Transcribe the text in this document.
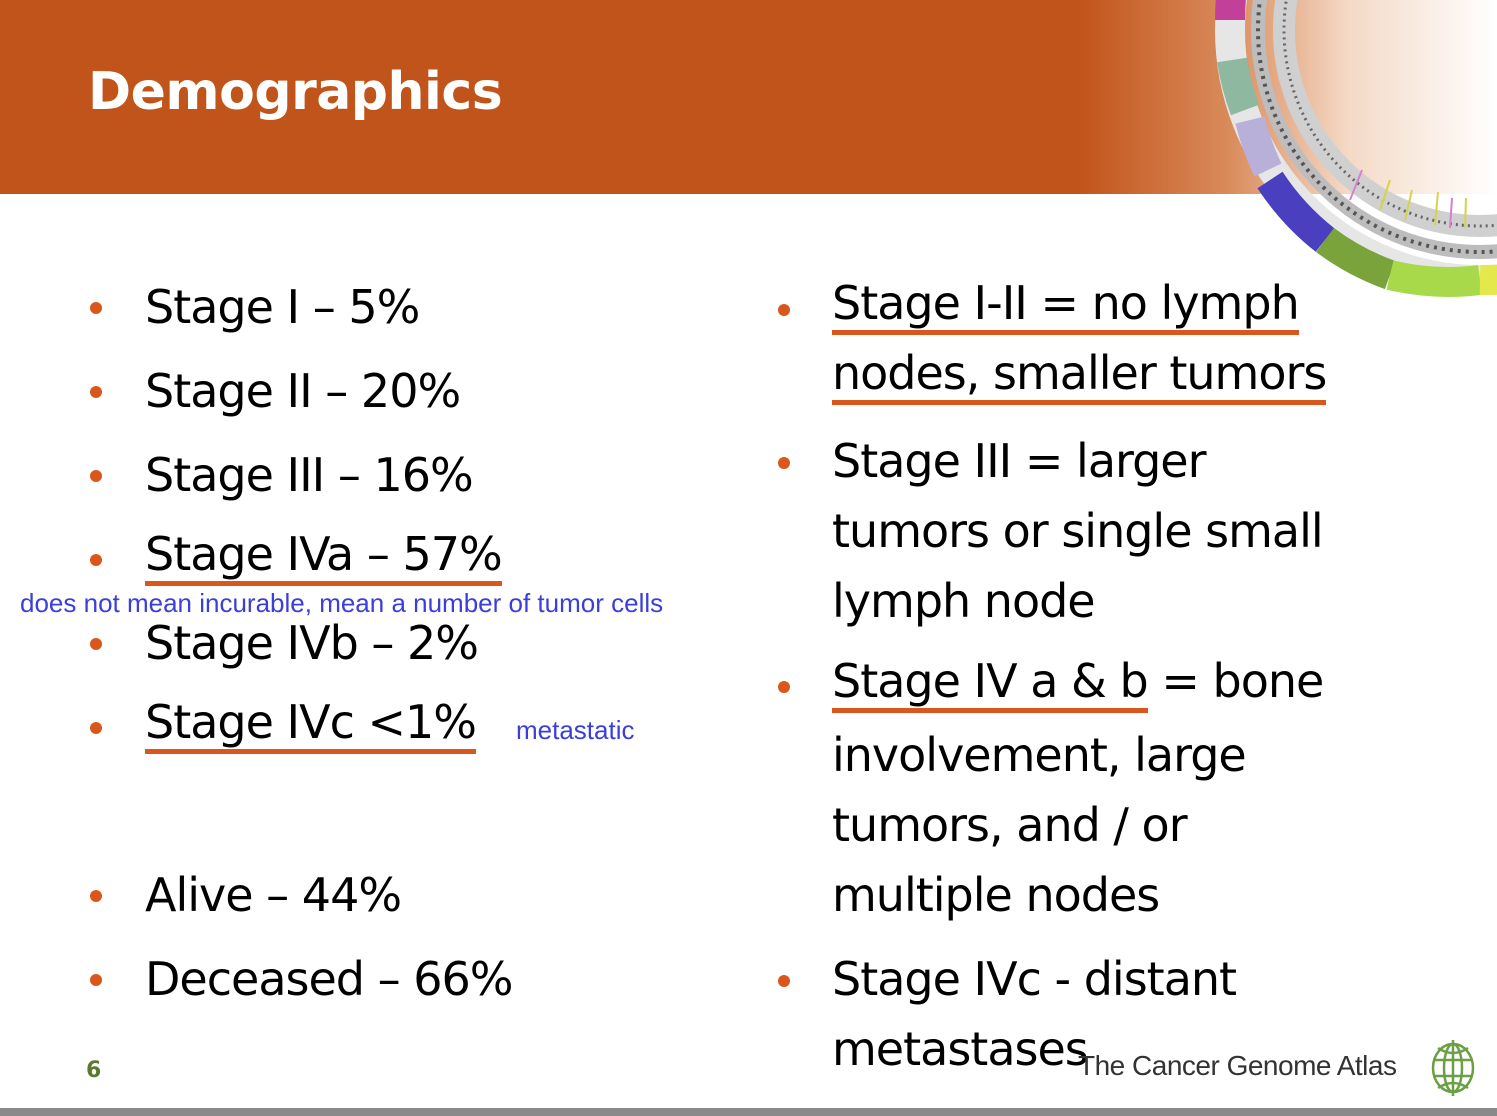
Demographics
Stage I – 5%
Stage II – 20%
Stage III – 16%
Stage IVa – 57%
Stage IVb – 2%
Stage IVc <1%
Alive – 44%
Deceased – 66%
does not mean incurable, mean a number of tumor cells
metastatic
Stage I-II = no lymph
nodes, smaller tumors
Stage III = larger
tumors or single small
lymph node
Stage IV a & b = bone
involvement, large
tumors, and / or
multiple nodes
Stage IVc - distant
metastases
6	The Cancer Genome Atlas
